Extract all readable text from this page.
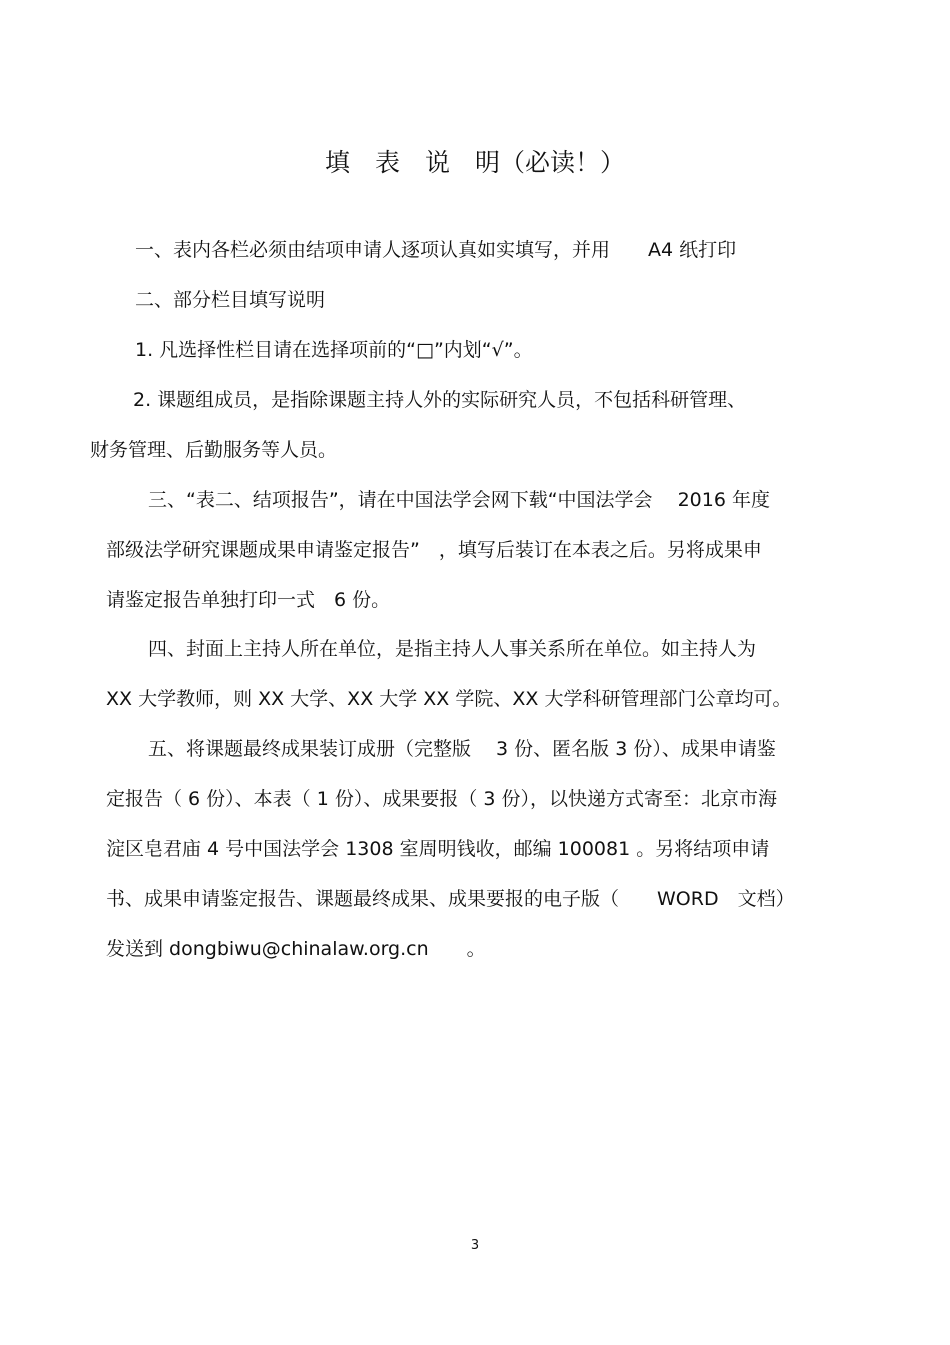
填　表　说　明（必读！）
一、表内各栏必须由结项申请人逐项认真如实填写，并用　　A4 纸打印
二、部分栏目填写说明
1. 凡选择性栏目请在选择项前的“□”内划“√”。
2. 课题组成员，是指除课题主持人外的实际研究人员，不包括科研管理、
财务管理、后勤服务等人员。
三、“表二、结项报告”，请在中国法学会网下载“中国法学会　 2016 年度
部级法学研究课题成果申请鉴定报告”　，填写后装订在本表之后。另将成果申
请鉴定报告单独打印一式　6 份。
四、封面上主持人所在单位，是指主持人人事关系所在单位。如主持人为
XX 大学教师，则 XX 大学、XX 大学 XX 学院、XX 大学科研管理部门公章均可。
五、将课题最终成果装订成册（完整版　 3 份、匿名版 3 份）、成果申请鉴
定报告（ 6 份）、本表（ 1 份）、成果要报（ 3 份），以快递方式寄至：北京市海
淀区皂君庙 4 号中国法学会 1308 室周明钱收，邮编 100081 。另将结项申请
书、成果申请鉴定报告、课题最终成果、成果要报的电子版（　　WORD　文档）
发送到 dongbiwu@chinalaw.org.cn　　。
3
